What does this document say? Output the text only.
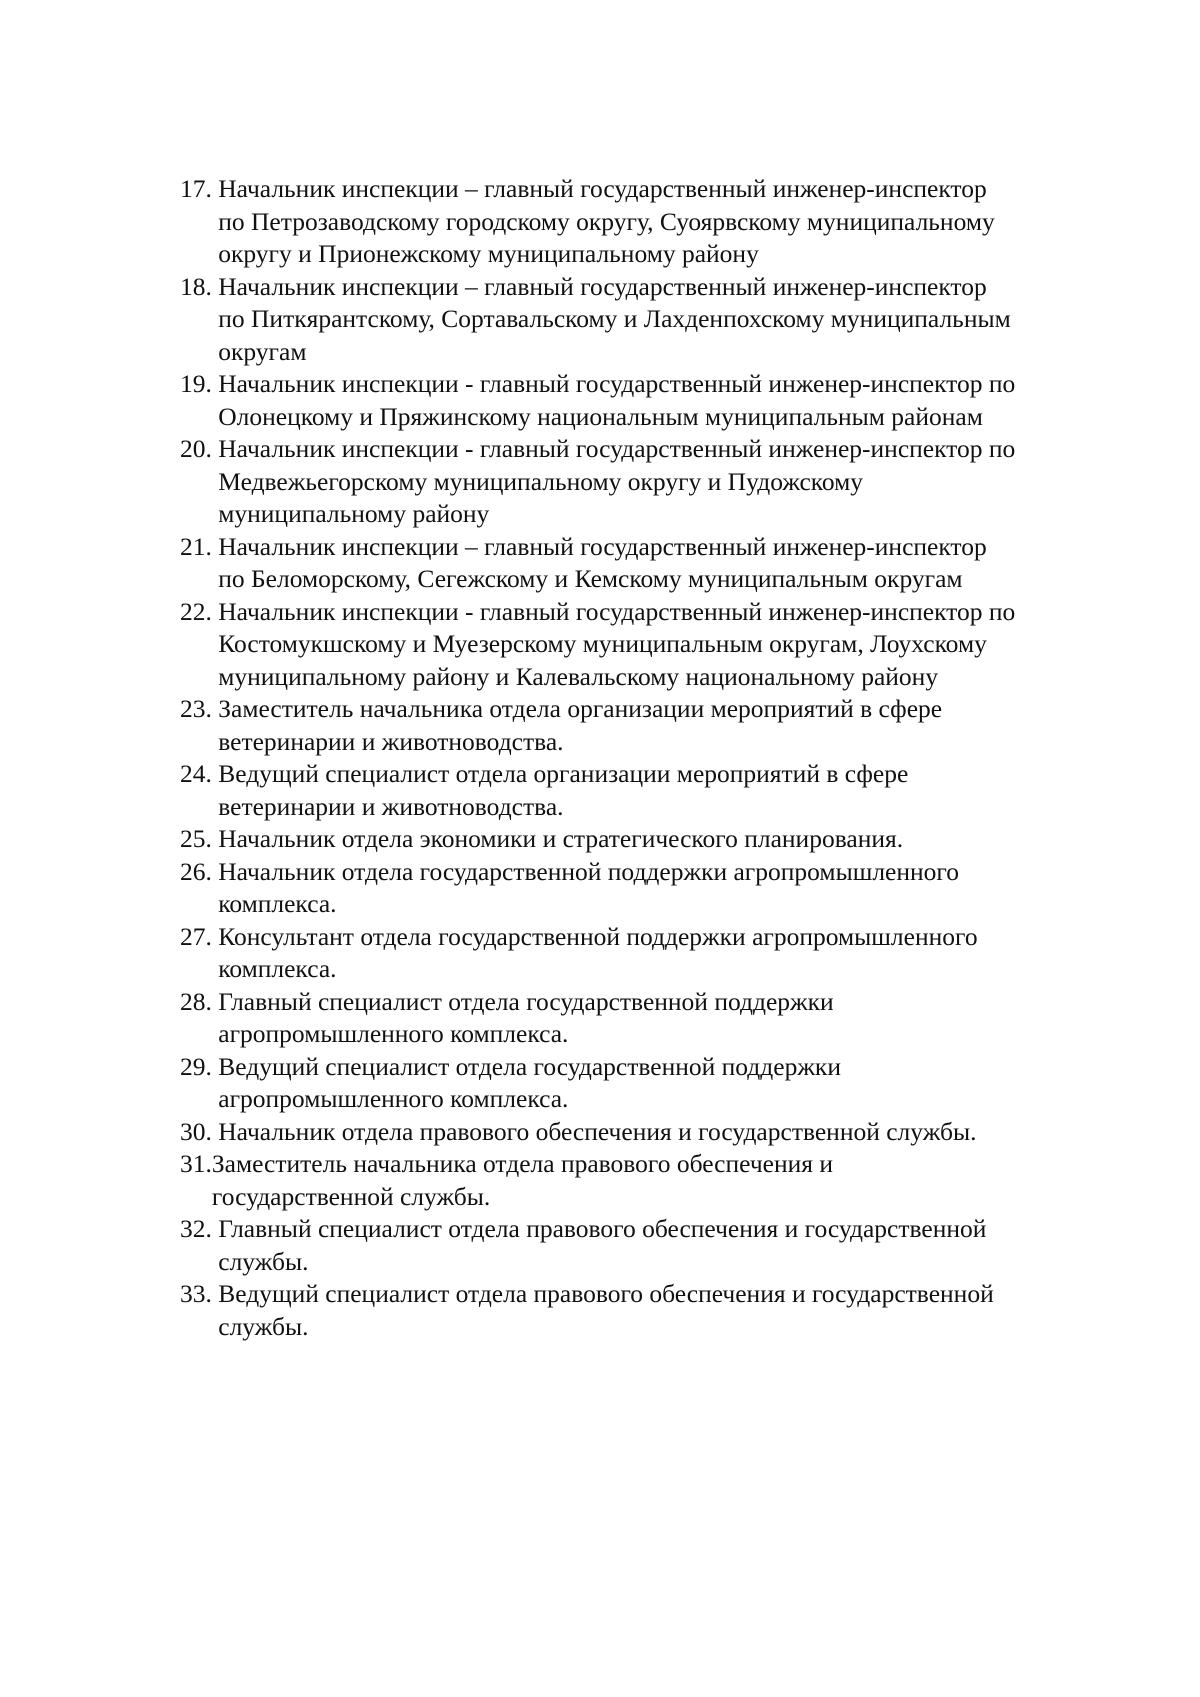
17. Начальник инспекции – главный государственный инженер-инспектор
по Петрозаводскому городскому округу, Суоярвскому муниципальному
округу и Прионежскому муниципальному району
18. Начальник инспекции – главный государственный инженер-инспектор
по Питкярантскому, Сортавальскому и Лахденпохскому муниципальным
округам
19. Начальник инспекции - главный государственный инженер-инспектор по
Олонецкому и Пряжинскому национальным муниципальным районам
20. Начальник инспекции - главный государственный инженер-инспектор по
Медвежьегорскому муниципальному округу и Пудожскому
муниципальному району
21. Начальник инспекции – главный государственный инженер-инспектор
по Беломорскому, Сегежскому и Кемскому муниципальным округам
22. Начальник инспекции - главный государственный инженер-инспектор по
Костомукшскому и Муезерскому муниципальным округам, Лоухскому
муниципальному району и Калевальскому национальному району
23. Заместитель начальника отдела организации мероприятий в сфере
ветеринарии и животноводства.
24. Ведущий специалист отдела организации мероприятий в сфере
ветеринарии и животноводства.
25. Начальник отдела экономики и стратегического планирования.
26. Начальник отдела государственной поддержки агропромышленного
комплекса.
27. Консультант отдела государственной поддержки агропромышленного
комплекса.
28. Главный специалист отдела государственной поддержки
агропромышленного комплекса.
29. Ведущий специалист отдела государственной поддержки
агропромышленного комплекса.
30. Начальник отдела правового обеспечения и государственной службы.
31. Заместитель начальника отдела правового обеспечения и
государственной службы.
32. Главный специалист отдела правового обеспечения и государственной
службы.
33. Ведущий специалист отдела правового обеспечения и государственной
службы.
